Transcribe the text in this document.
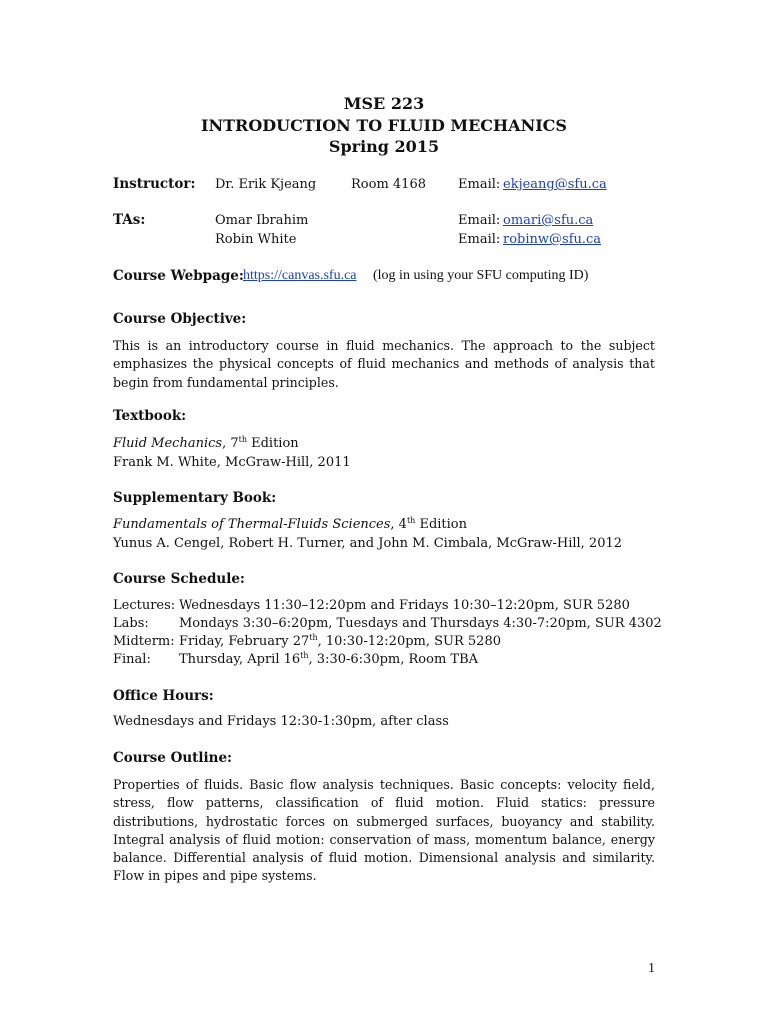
MSE 223
INTRODUCTION TO FLUID MECHANICS
Spring 2015
Instructor: Dr. Erik Kjeang	Room 4168 Email: ekjeang@sfu.ca
TAs:	Omar Ibrahim	Email: omari@sfu.ca
Robin White	Email: robinw@sfu.ca
Course Webpage: https://canvas.sfu.ca (log in using your SFU computing ID)
Course Objective:
This is an introductory course in fluid mechanics. The approach to the subject
emphasizes the physical concepts of fluid mechanics and methods of analysis that
begin from fundamental principles.
Textbook:
Fluid Mechanics, 7th Edition
Frank M. White, McGraw-Hill, 2011
Supplementary Book:
Fundamentals of Thermal-Fluids Sciences, 4th Edition
Yunus A. Cengel, Robert H. Turner, and John M. Cimbala, McGraw-Hill, 2012
Course Schedule:
Lectures: Wednesdays 11:30–12:20pm and Fridays 10:30–12:20pm, SUR 5280
Labs: Mondays 3:30–6:20pm, Tuesdays and Thursdays 4:30-7:20pm, SUR 4302
Midterm: Friday, February 27th, 10:30-12:20pm, SUR 5280
Final: Thursday, April 16th, 3:30-6:30pm, Room TBA
Office Hours:
Wednesdays and Fridays 12:30-1:30pm, after class
Course Outline:
Properties of fluids. Basic flow analysis techniques. Basic concepts: velocity field,
stress, flow patterns, classification of fluid motion. Fluid statics: pressure
distributions, hydrostatic forces on submerged surfaces, buoyancy and stability.
Integral analysis of fluid motion: conservation of mass, momentum balance, energy
balance. Differential analysis of fluid motion. Dimensional analysis and similarity.
Flow in pipes and pipe systems.
1
